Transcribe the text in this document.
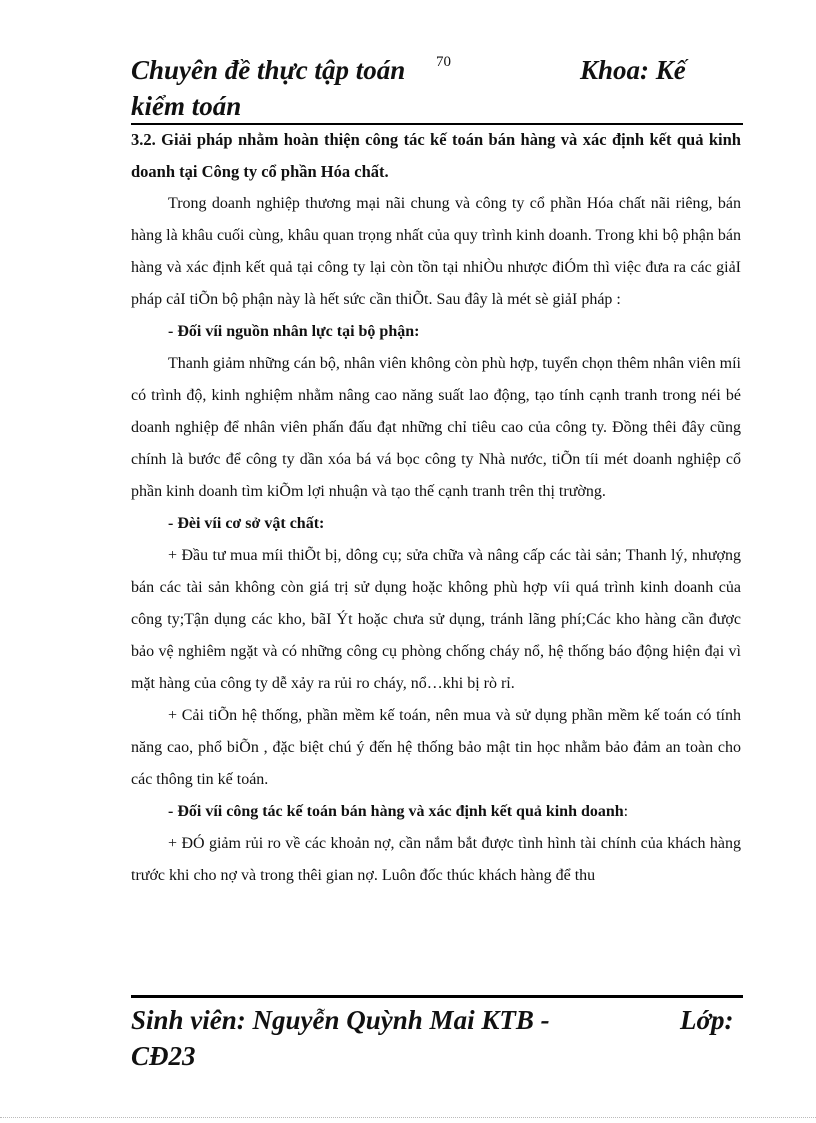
Chuyên đề thực tập toán kiểm toán
70	Khoa: Kế

3.2. Giải pháp nhằm hoàn thiện công tác kế toán bán hàng và xác định kết quả kinh doanh tại Công ty cổ phần Hóa chất.

Trong doanh nghiệp thương mại nãi chung và công ty cổ phần Hóa chất nãi riêng, bán hàng là khâu cuối cùng, khâu quan trọng nhất của quy trình kinh doanh. Trong khi bộ phận bán hàng và xác định kết quả tại công ty lại còn tồn tại nhiÒu nhược điÓm thì việc đưa ra các giảI pháp cảI tiÕn bộ phận này là hết sức cần thiÕt. Sau đây là mét sè giảI pháp :

- Đối víi nguồn nhân lực tại bộ phận:

Thanh giảm những cán bộ, nhân viên không còn phù hợp, tuyển chọn thêm nhân viên míi có trình độ, kinh nghiệm nhằm nâng cao năng suất lao động, tạo tính cạnh tranh trong néi bé doanh nghiệp để nhân viên phấn đấu đạt những chỉ tiêu cao của công ty. Đồng thêi đây cũng chính là bước để công ty dần xóa bá vá bọc công ty Nhà nước, tiÕn tíi mét doanh nghiệp cổ phần kinh doanh tìm kiÕm lợi nhuận và tạo thế cạnh tranh trên thị trường.

- Đèi víi cơ sở vật chất:

+ Đầu tư mua míi thiÕt bị, dông cụ; sửa chữa và nâng cấp các tài sản; Thanh lý, nhượng bán các tài sản không còn giá trị sử dụng hoặc không phù hợp víi quá trình kinh doanh của công ty;Tận dụng các kho, bãI Ýt hoặc chưa sử dụng, tránh lãng phí;Các kho hàng cần được bảo vệ nghiêm ngặt và có những công cụ phòng chống cháy nổ, hệ thống báo động hiện đại vì mặt hàng của công ty dễ xảy ra rủi ro cháy, nổ…khi bị rò rỉ.

+ Cải tiÕn hệ thống, phần mềm kế toán, nên mua và sử dụng phần mềm kế toán có tính năng cao, phổ biÕn , đặc biệt chú ý đến hệ thống bảo mật tin học nhằm bảo đảm an toàn cho các thông tin kế toán.

- Đối víi công tác kế toán bán hàng và xác định kết quả kinh doanh:

+ ĐÓ giảm rủi ro về các khoản nợ, cần nắm bắt được tình hình tài chính của khách hàng trước khi cho nợ và trong thêi gian nợ. Luôn đốc thúc khách hàng để thu

Sinh viên: Nguyễn Quỳnh Mai KTB - CĐ23
Lớp:
